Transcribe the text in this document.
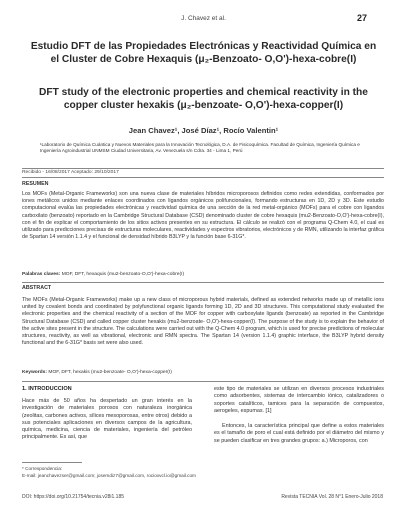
J. Chavez et al.	27
Estudio DFT de las Propiedades Electrónicas y Reactividad Química en el Cluster de Cobre Hexaquis (μ₂-Benzoato- O,O')-hexa-cobre(I)
DFT study of the electronic properties and chemical reactivity in the copper cluster hexakis (μ₂-benzoate- O,O')-hexa-copper(I)
Jean Chavez¹, José Díaz¹, Rocío Valentin¹
¹Laboratorio de Química Cuántica y Nuevos Materiales para la Innovación Tecnológica, D.A. de Fisicoquímica. Facultad de Química, Ingeniería Química e Ingeniería Agroindustrial UNMSM Ciudad Universitaria, Av. Venezuela s/n Cdra. 34 - Lima 1, Perú
Recibido - 16/08/2017 Aceptado: 29/10/2017
RESUMEN
Los MOFs (Metal-Organic Frameworks) son una nueva clase de materiales híbridos microporosos definidos como redes extendidas, conformados por iones metálicos unidos mediante enlaces coordinados con ligandos orgánicos polifuncionales, formando estructuras en 1D, 2D y 3D. Este estudio computacional evalúa las propiedades electrónicas y reactividad química de una sección de la red metal-orgánico (MOFs) para el cobre con ligandos carboxilato (benzoato) reportado en la Cambridge Structural Database (CSD) denominado cluster de cobre hexaquis (mu2-Benzoato-O,O')-hexa-cobre(I), con el fin de explicar el comportamiento de los sitios activos presentes en su estructura. El cálculo se realizó con el programa Q-Chem 4.0, el cual es utilizado para predicciones precisas de estructuras moleculares, reactividades y espectros vibratorios, electrónicos y de RMN, utilizando la interfaz gráfica de Spartan 14 versión 1.1.4 y el funcional de densidad híbrido B3LYP y la función base 6-31G*.
Palabras claves: MOF, DFT, hexaquis (mu2-benzoato-O,O')-hexa-cobre(I)
ABSTRACT
The MOFs (Metal-Organic Frameworks) make up a new class of microporous hybrid materials, defined as extended networks made up of metallic ions united by covalent bonds and coordinated by polyfunctional organic ligands forming 1D, 2D and 3D structures. This computational study evaluated the electronic properties and the chemical reactivity of a section of the MOF for copper with carboxylate ligands (benzoate) as reported in the Cambridge Structural Database (CSD) and called copper cluster hexakis (mu2-benzoate- O,O')-hexa-copper(I). The purpose of the study is to explain the behavior of the active sites present in the structure. The calculations were carried out with the Q-Chem 4.0 program, which is used for precise predictions of molecular structures, reactivity, as well as vibrational, electronic and RMN spectra. The Spartan 14 (version 1.1.4) graphic interface, the B3LYP hybrid density functional and the 6-31G* basis set were also used.
Keywords: MOF, DFT, hexakis (mu2-benzoate- O,O')-hexa-copper(I)
1. INTRODUCCION
Hace más de 50 años ha despertado un gran interés en la investigación de materiales porosos con naturaleza inorgánica (zeolitas, carbones activos, sílices mesoporosas, entre otros) debido a sus potenciales aplicaciones en diversos campos de la agricultura, química, medicina, ciencia de materiales, ingeniería del petróleo principalmente. Es así, que
este tipo de materiales se utilizan en diversos procesos industriales como adsorbentes, sistemas de intercambio iónico, catalizadores o soportes catalíticos, tamices para la separación de compuestos, aerogeles, espumas. [1]
Entonces, la característica principal que define a estos materiales es el tamaño de poro el cual está definido por el diámetro del mismo y se pueden clasificar en tres grandes grupos: a.) Microporos, con
* Correspondencia:
E-mail: jeanchavezser@gmail.com; josemdiz7@gmail.com, rocioxvcl.io@gmail.com
DOI: https://doi.org/10.21754/tecnia.v28i1.185	Revista TECNIA Vol. 28 N°1 Enero-Julio 2018
